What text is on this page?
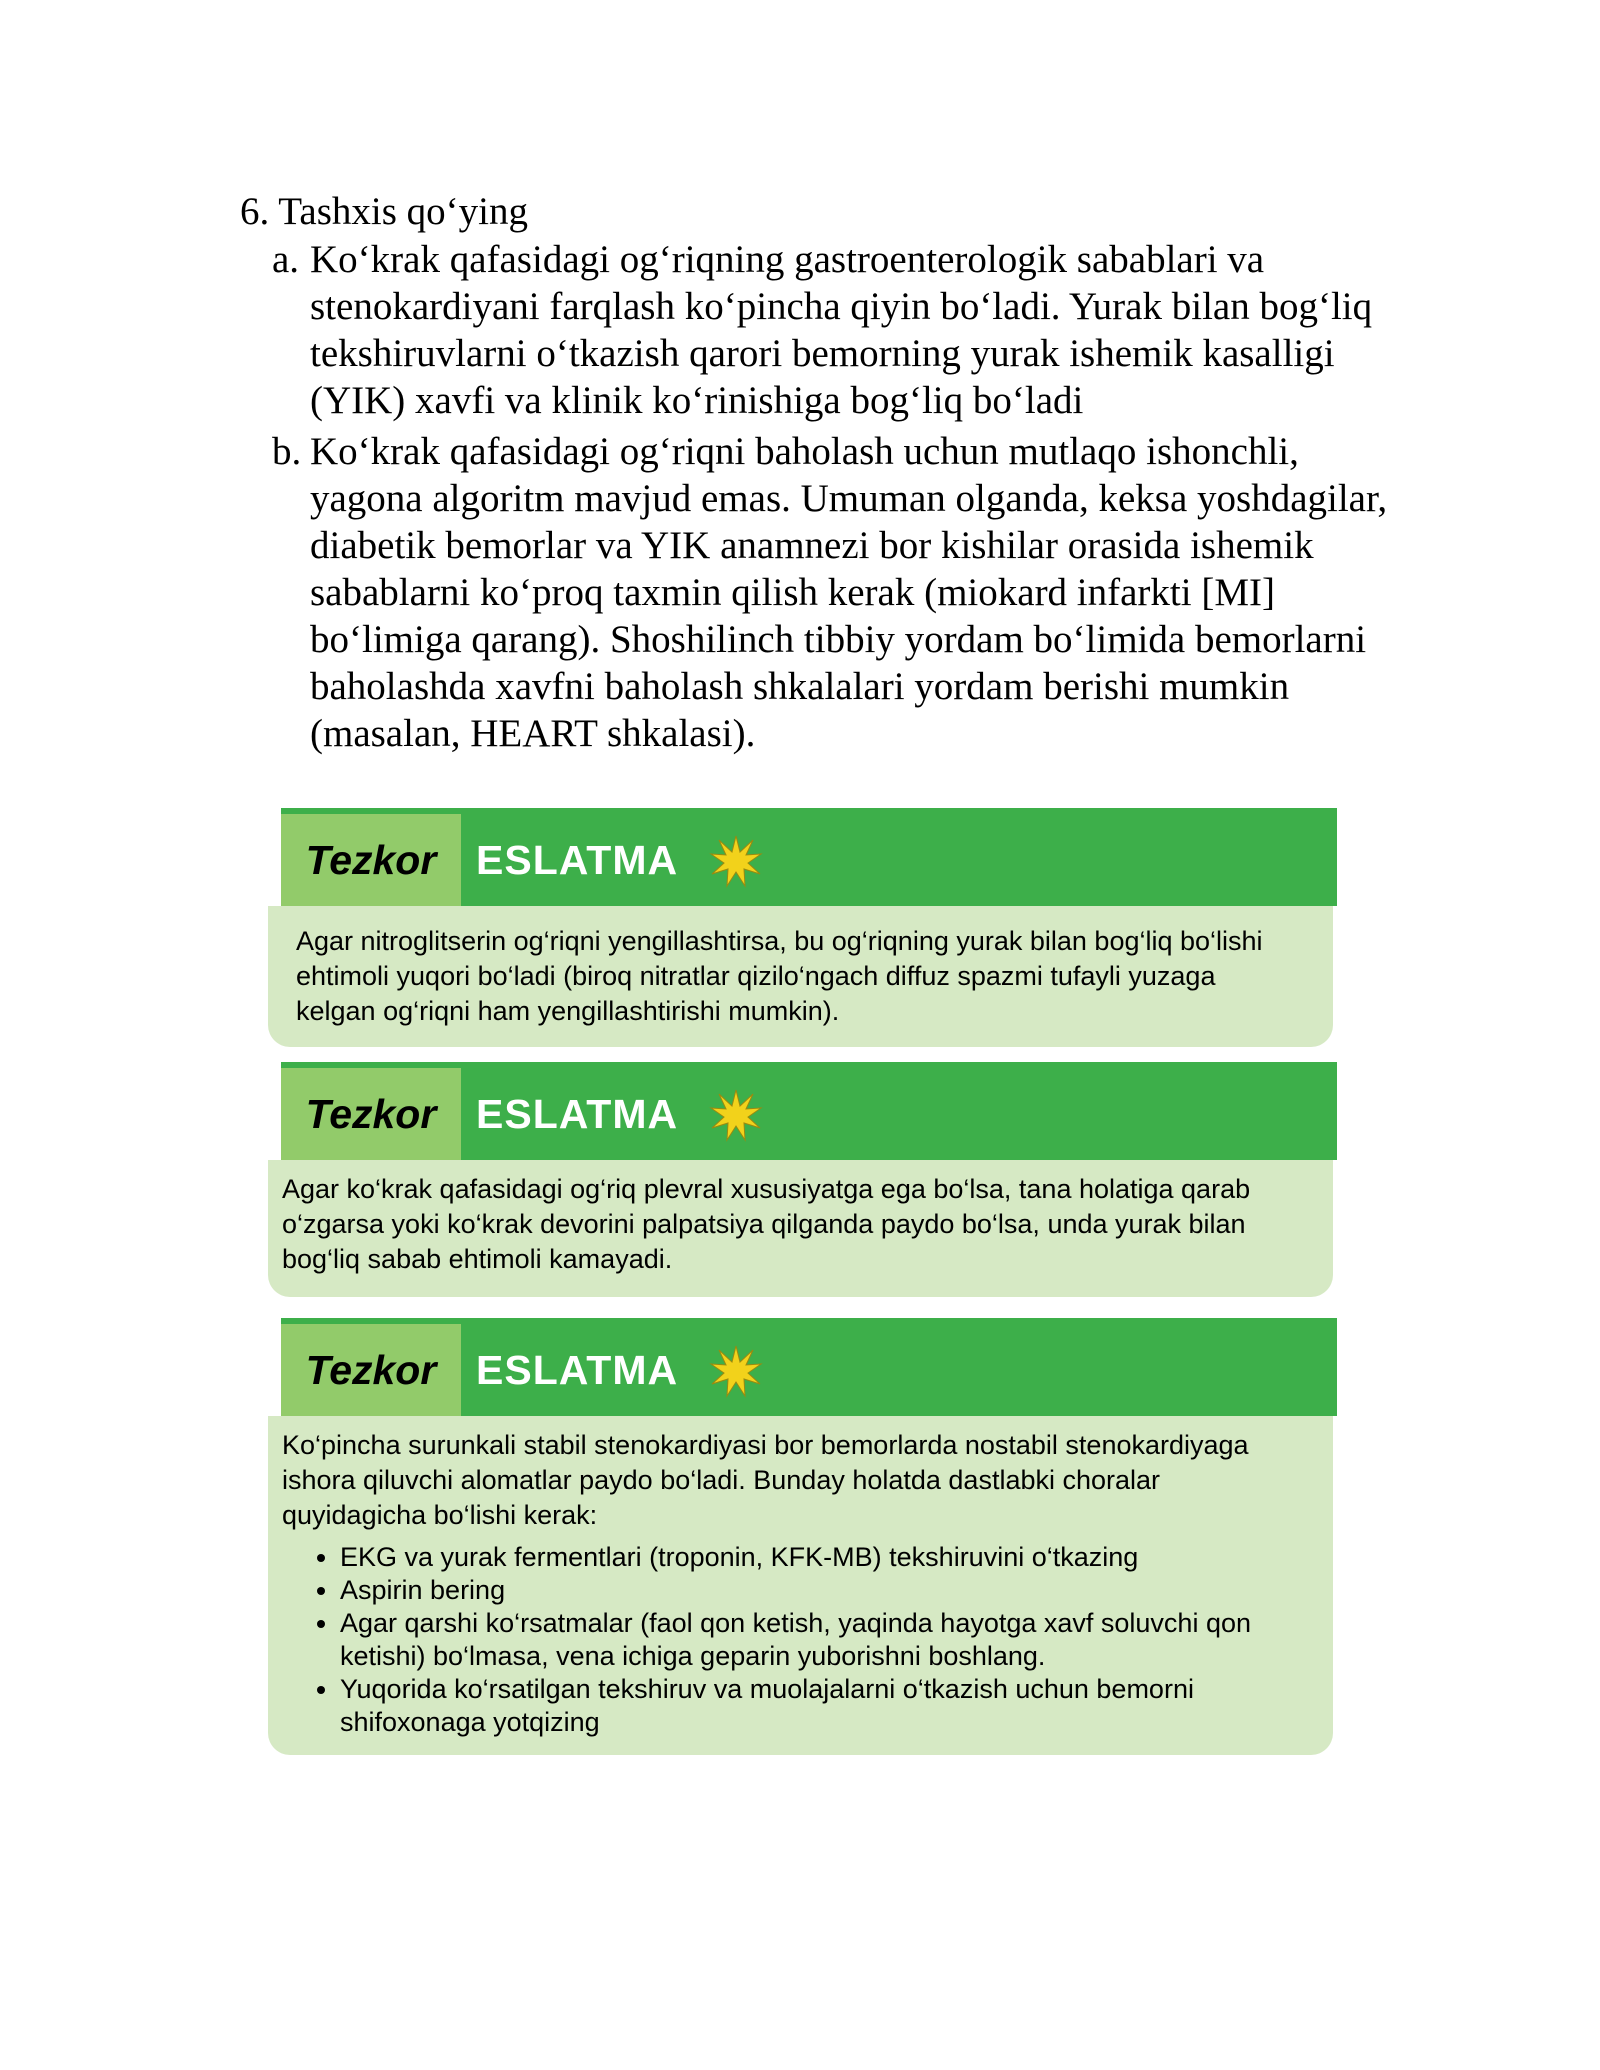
6. Tashxis qo‘ying

a. Ko‘krak qafasidagi og‘riqning gastroenterologik sabablari va stenokardiyani farqlash ko‘pincha qiyin bo‘ladi. Yurak bilan bog‘liq tekshiruvlarni o‘tkazish qarori bemorning yurak ishemik kasalligi (YIK) xavfi va klinik ko‘rinishiga bog‘liq bo‘ladi
b. Ko‘krak qafasidagi og‘riqni baholash uchun mutlaqo ishonchli, yagona algoritm mavjud emas. Umuman olganda, keksa yoshdagilar, diabetik bemorlar va YIK anamnezi bor kishilar orasida ishemik sabablarni ko‘proq taxmin qilish kerak (miokard infarkti [MI] bo‘limiga qarang). Shoshilinch tibbiy yordam bo‘limida bemorlarni baholashda xavfni baholash shkalalari yordam berishi mumkin (masalan, HEART shkalasi).
Tezkor ESLATMA
Agar nitroglitserin og‘riqni yengillashtirsa, bu og‘riqning yurak bilan bog‘liq bo‘lishi ehtimoli yuqori bo‘ladi (biroq nitratlar qizilo‘ngach diffuz spazmi tufayli yuzaga kelgan og‘riqni ham yengillashtirishi mumkin).
Tezkor ESLATMA
Agar ko‘krak qafasidagi og‘riq plevral xususiyatga ega bo‘lsa, tana holatiga qarab o‘zgarsa yoki ko‘krak devorini palpatsiya qilganda paydo bo‘lsa, unda yurak bilan bog‘liq sabab ehtimoli kamayadi.
Tezkor ESLATMA
Ko‘pincha surunkali stabil stenokardiyasi bor bemorlarda nostabil stenokardiyaga ishora qiluvchi alomatlar paydo bo‘ladi. Bunday holatda dastlabki choralar quyidagicha bo‘lishi kerak:
• EKG va yurak fermentlari (troponin, KFK-MB) tekshiruvini o‘tkazing
• Aspirin bering
• Agar qarshi ko‘rsatmalar (faol qon ketish, yaqinda hayotga xavf soluvchi qon ketishi) bo‘lmasa, vena ichiga geparin yuborishni boshlang.
• Yuqorida ko‘rsatilgan tekshiruv va muolajalarni o‘tkazish uchun bemorni shifoxonaga yotqizing
